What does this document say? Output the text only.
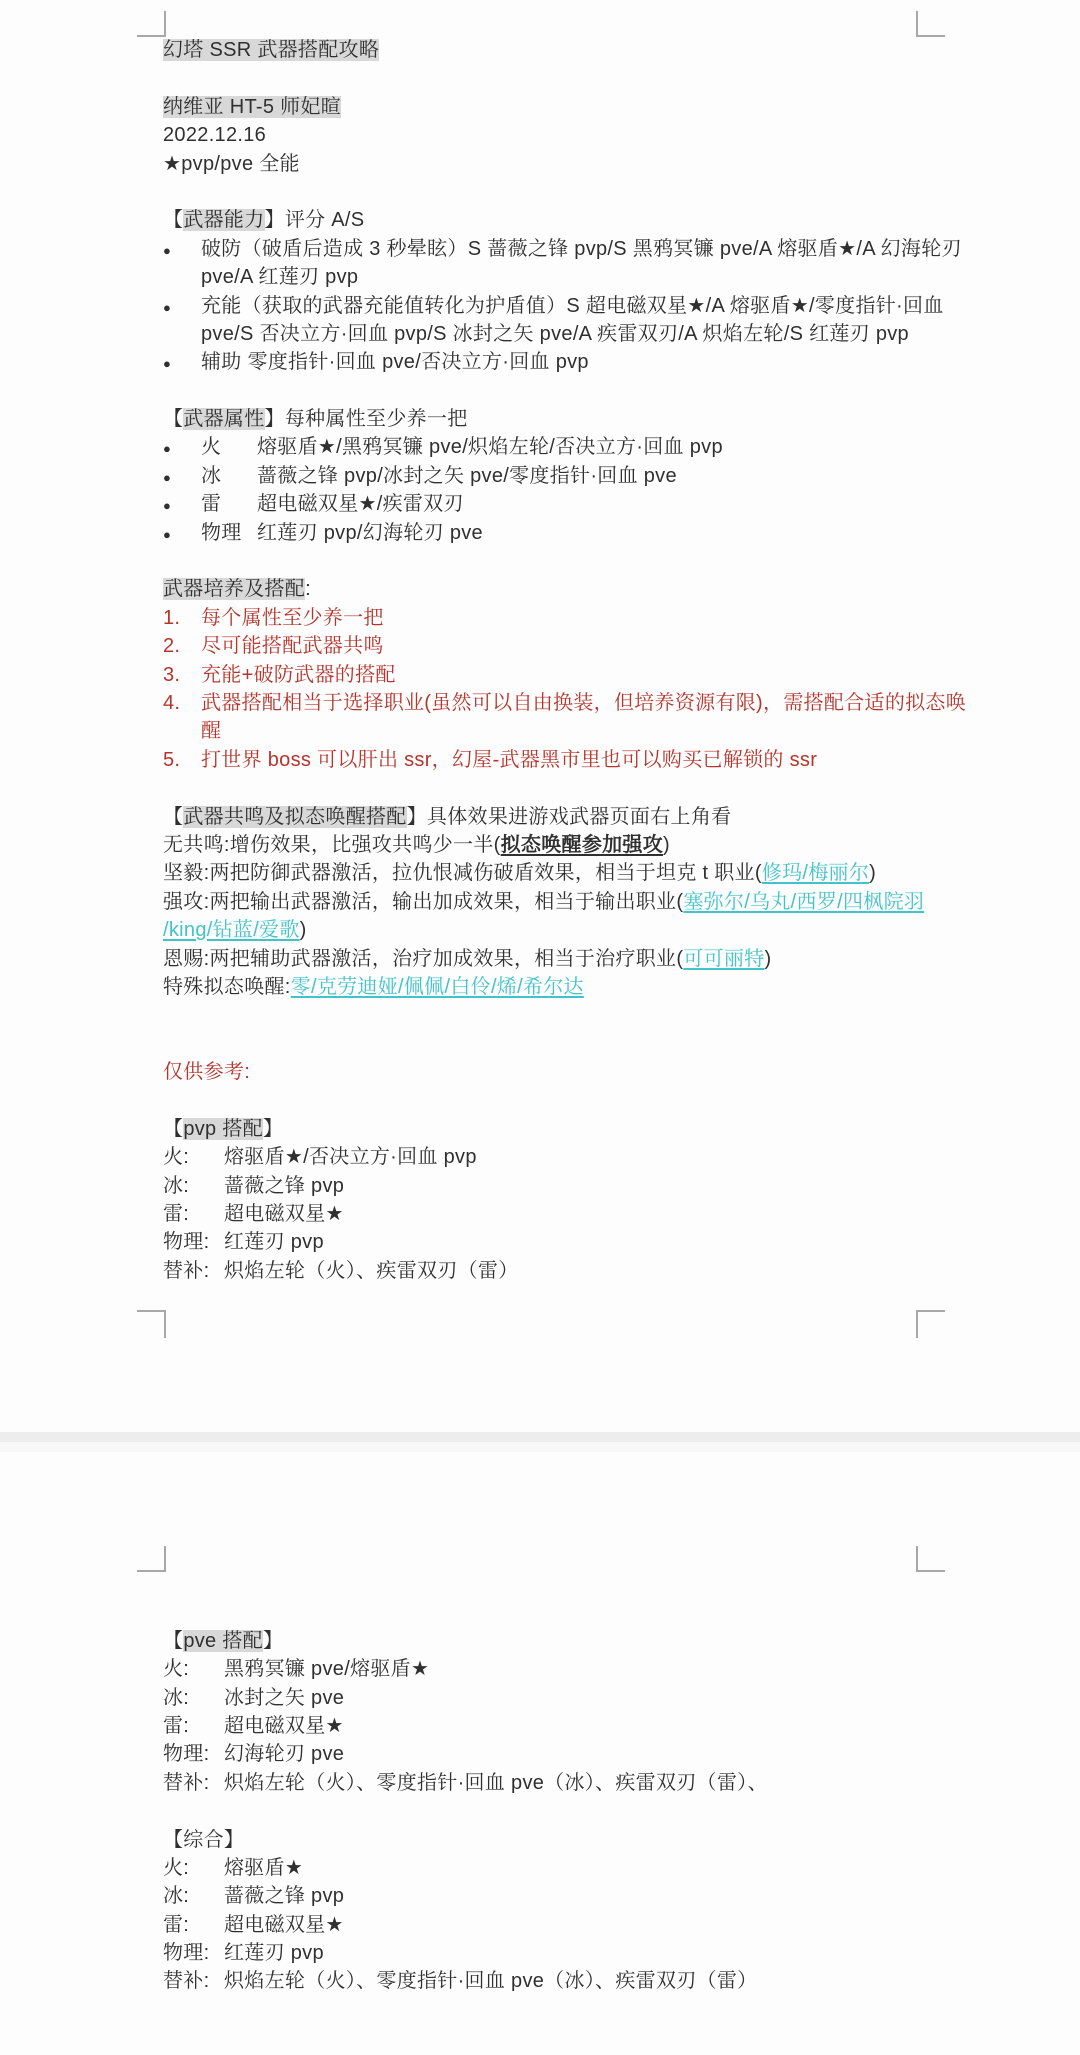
幻塔 SSR 武器搭配攻略
纳维亚 HT-5 师妃暄
2022.12.16
★pvp/pve 全能
【武器能力】评分 A/S
● 破防（破盾后造成 3 秒晕眩）S 蔷薇之锋 pvp/S 黑鸦冥镰 pve/A 熔驱盾★/A 幻海轮刃
pve/A 红莲刃 pvp
● 充能（获取的武器充能值转化为护盾值）S 超电磁双星★/A 熔驱盾★/零度指针·回血
pve/S 否决立方·回血 pvp/S 冰封之矢 pve/A 疾雷双刃/A 炽焰左轮/S 红莲刃 pvp
● 辅助 零度指针·回血 pve/否决立方·回血 pvp
【武器属性】每种属性至少养一把
● 火 熔驱盾★/黑鸦冥镰 pve/炽焰左轮/否决立方·回血 pvp
● 冰 蔷薇之锋 pvp/冰封之矢 pve/零度指针·回血 pve
● 雷 超电磁双星★/疾雷双刃
● 物理 红莲刃 pvp/幻海轮刃 pve
武器培养及搭配:
1. 每个属性至少养一把
2. 尽可能搭配武器共鸣
3. 充能+破防武器的搭配
4. 武器搭配相当于选择职业(虽然可以自由换装，但培养资源有限)，需搭配合适的拟态唤
醒
5. 打世界 boss 可以肝出 ssr，幻屋-武器黑市里也可以购买已解锁的 ssr
【武器共鸣及拟态唤醒搭配】具体效果进游戏武器页面右上角看
无共鸣:增伤效果，比强攻共鸣少一半(拟态唤醒参加强攻)
坚毅:两把防御武器激活，拉仇恨减伤破盾效果，相当于坦克 t 职业(修玛/梅丽尔)
强攻:两把输出武器激活，输出加成效果，相当于输出职业(塞弥尔/乌丸/西罗/四枫院羽
/king/钻蓝/爱歌)
恩赐:两把辅助武器激活，治疗加成效果，相当于治疗职业(可可丽特)
特殊拟态唤醒:零/克劳迪娅/佩佩/白伶/烯/希尔达
仅供参考:
【pvp 搭配】
火: 熔驱盾★/否决立方·回血 pvp
冰: 蔷薇之锋 pvp
雷: 超电磁双星★
物理: 红莲刃 pvp
替补: 炽焰左轮（火）、疾雷双刃（雷）
【pve 搭配】
火: 黑鸦冥镰 pve/熔驱盾★
冰: 冰封之矢 pve
雷: 超电磁双星★
物理: 幻海轮刃 pve
替补: 炽焰左轮（火）、零度指针·回血 pve（冰）、疾雷双刃（雷）、
【综合】
火: 熔驱盾★
冰: 蔷薇之锋 pvp
雷: 超电磁双星★
物理: 红莲刃 pvp
替补: 炽焰左轮（火）、零度指针·回血 pve（冰）、疾雷双刃（雷）
